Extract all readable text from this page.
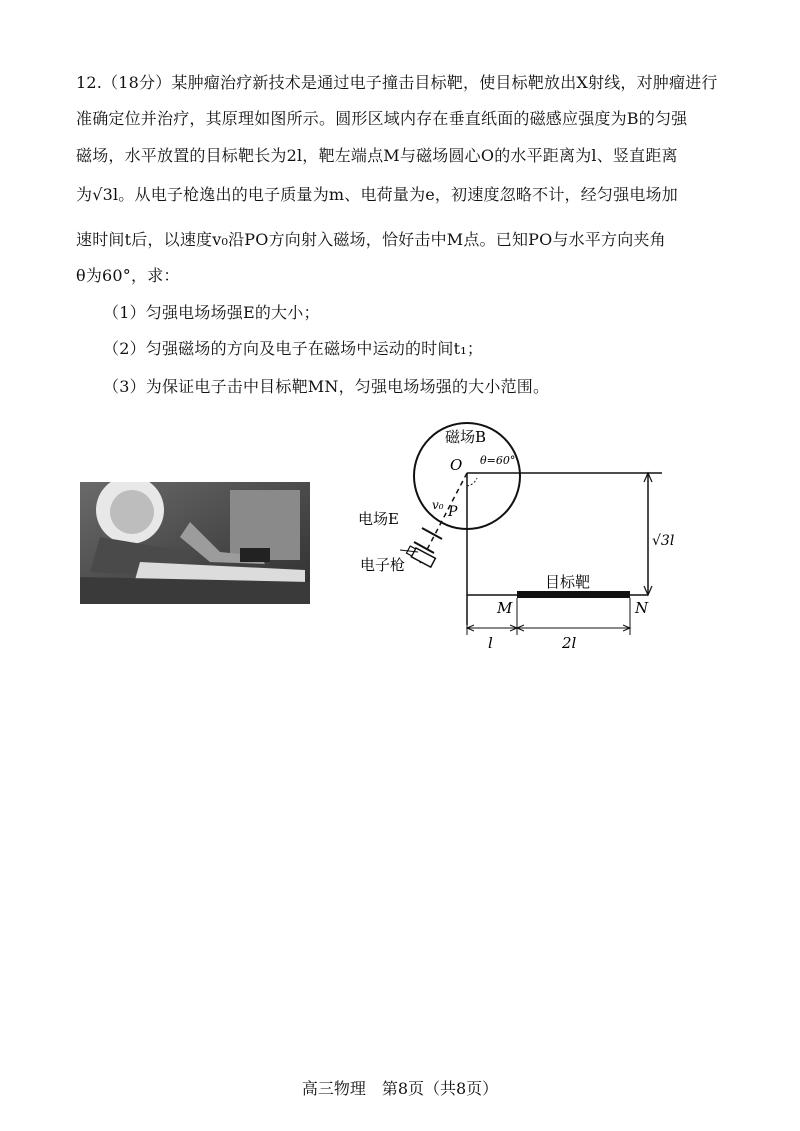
12.（18分）某肿瘤治疗新技术是通过电子撞击目标靶，使目标靶放出X射线，对肿瘤进行
准确定位并治疗，其原理如图所示。圆形区域内存在垂直纸面的磁感应强度为B的匀强
磁场，水平放置的目标靶长为2l，靶左端点M与磁场圆心O的水平距离为l、竖直距离
为√3l。从电子枪逸出的电子质量为m、电荷量为e，初速度忽略不计，经匀强电场加
速时间t后，以速度v₀沿PO方向射入磁场，恰好击中M点。已知PO与水平方向夹角
θ为60°，求：
（1）匀强电场场强E的大小；
（2）匀强磁场的方向及电子在磁场中运动的时间t₁；
（3）为保证电子击中目标靶MN，匀强电场场强的大小范围。
磁场B
O θ=60°
v₀ P
电场E
电子枪
√3l
目标靶
M	N
l	2l
高三物理　第8页（共8页）
